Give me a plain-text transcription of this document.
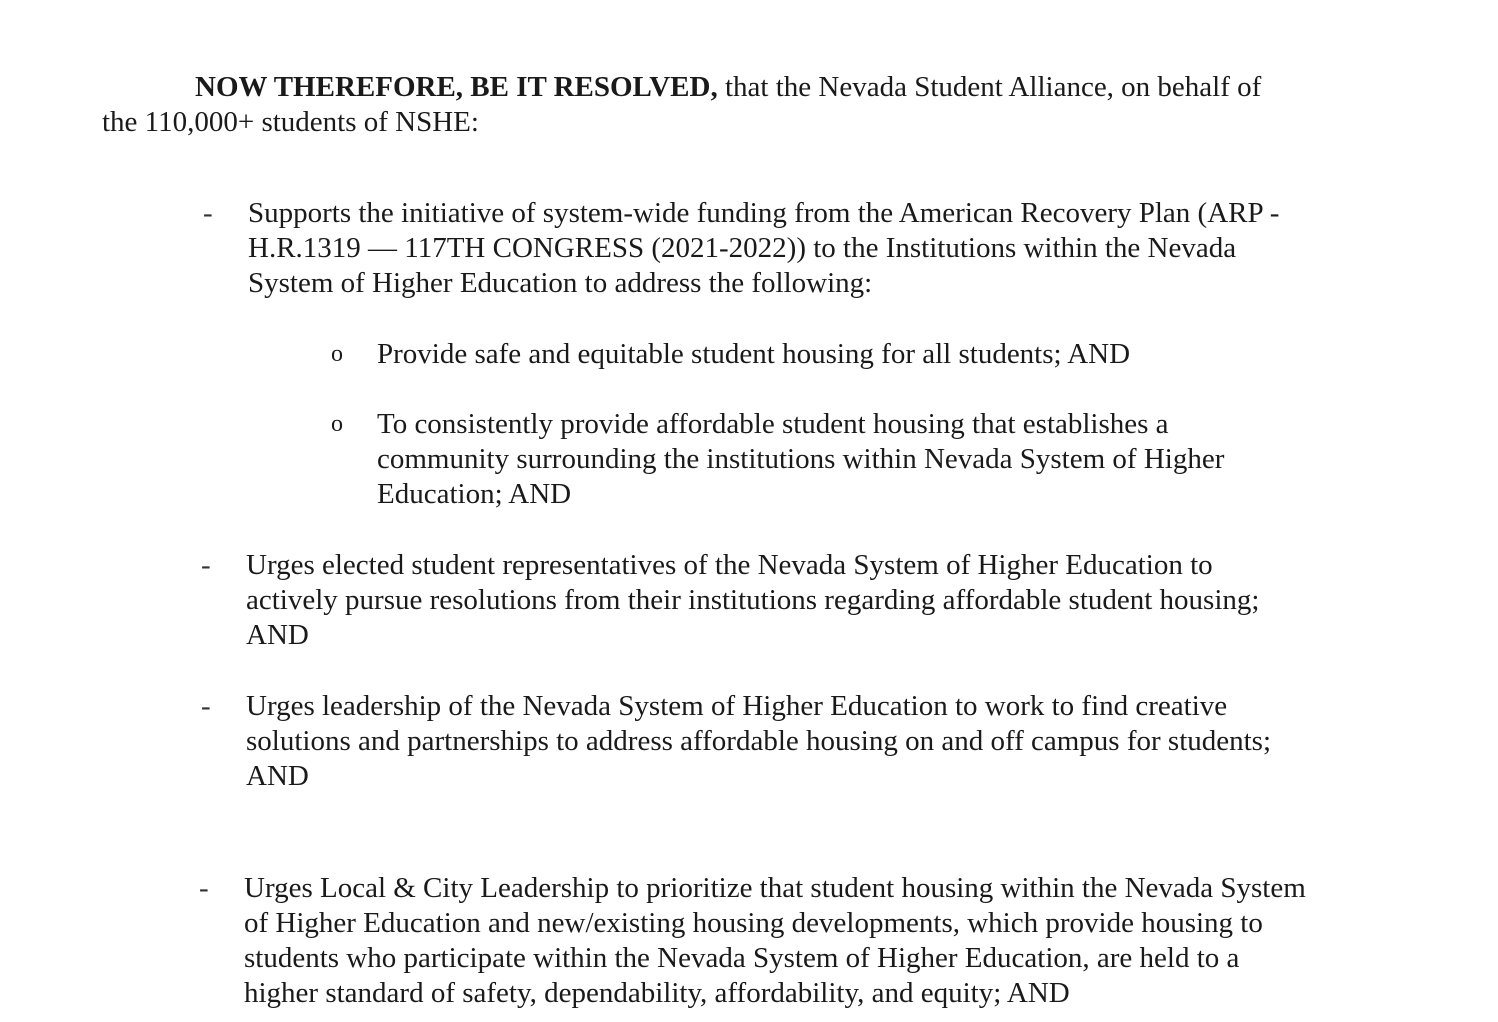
NOW THEREFORE, BE IT RESOLVED, that the Nevada Student Alliance, on behalf of the 110,000+ students of NSHE:

-	Supports the initiative of system-wide funding from the American Recovery Plan (ARP - H.R.1319 — 117TH CONGRESS (2021-2022)) to the Institutions within the Nevada System of Higher Education to address the following:
o Provide safe and equitable student housing for all students; AND
o To consistently provide affordable student housing that establishes a community surrounding the institutions within Nevada System of Higher Education; AND
-	Urges elected student representatives of the Nevada System of Higher Education to actively pursue resolutions from their institutions regarding affordable student housing; AND
-	Urges leadership of the Nevada System of Higher Education to work to find creative solutions and partnerships to address affordable housing on and off campus for students; AND
-	Urges Local & City Leadership to prioritize that student housing within the Nevada System of Higher Education and new/existing housing developments, which provide housing to students who participate within the Nevada System of Higher Education, are held to a higher standard of safety, dependability, affordability, and equity; AND
